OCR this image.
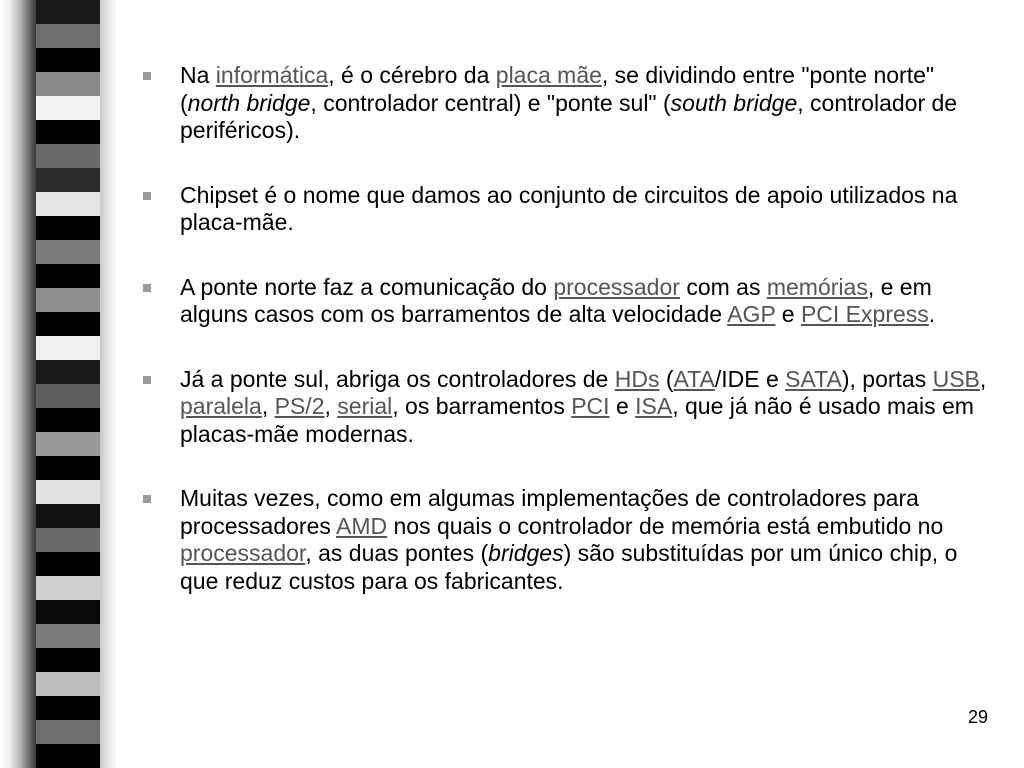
Na informática, é o cérebro da placa mãe, se dividindo entre "ponte norte" (north bridge, controlador central) e "ponte sul" (south bridge, controlador de periféricos).
Chipset é o nome que damos ao conjunto de circuitos de apoio utilizados na placa-mãe.
A ponte norte faz a comunicação do processador com as memórias, e em alguns casos com os barramentos de alta velocidade AGP e PCI Express.
Já a ponte sul, abriga os controladores de HDs (ATA/IDE e SATA), portas USB, paralela, PS/2, serial, os barramentos PCI e ISA, que já não é usado mais em placas-mãe modernas.
Muitas vezes, como em algumas implementações de controladores para processadores AMD nos quais o controlador de memória está embutido no processador, as duas pontes (bridges) são substituídas por um único chip, o que reduz custos para os fabricantes.
29
